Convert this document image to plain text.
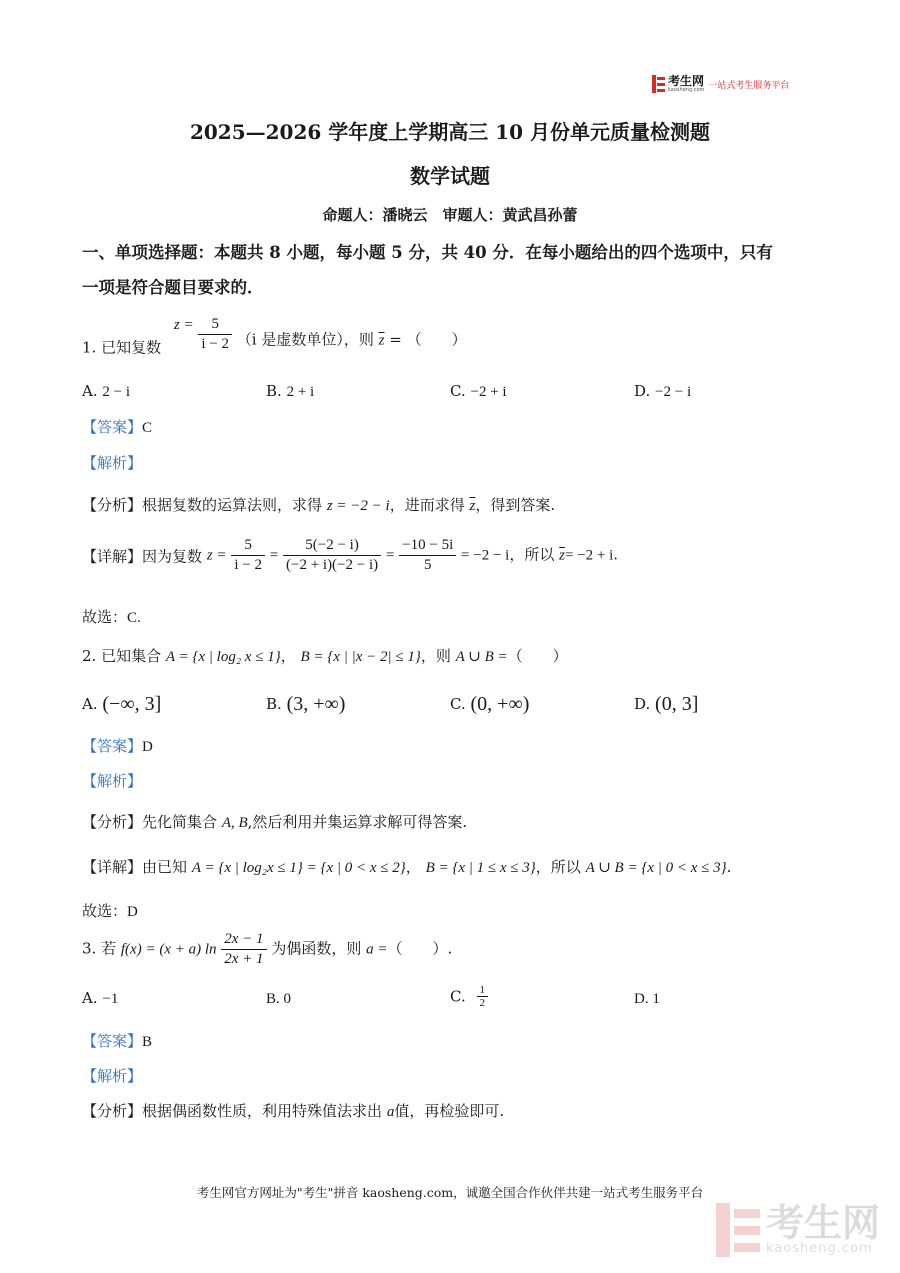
考生网
kaosheng.com 一站式考生服务平台
2025—2026 学年度上学期高三 10 月份单元质量检测题
数学试题
命题人：潘晓云　审题人：黄武昌孙蕾
一、单项选择题：本题共 8 小题，每小题 5 分，共 40 分．在每小题给出的四个选项中，只有
一项是符合题目要求的．
1. 已知复数 $z = \frac{5}{i - 2} (i$ 是虚数单位），则 $\overline{z}$ = （　　）
A. 2 − i	B. 2 + i	C. −2 + i	D. −2 − i
【答案】C
【解析】
【分析】根据复数的运算法则，求得 z = −2 − i，进而求得 $\overline{z}$，得到答案.
【详解】因为复数 $z = \frac{5}{i - 2} = \frac{5(-2 - i)}{(-2 + i)(-2 - i)} = \frac{-10 - 5i}{5} = -2 - i$，所以 $\overline{z}= -2 + i$.
故选：C.
2. 已知集合 A = {x | log₂ x ≤ 1}， B = {x | |x − 2| ≤ 1}，则 A ∪ B =（　　）
A. (−∞, 3]	B. (3, +∞)	C. (0, +∞)	D. (0, 3]
【答案】D
【解析】
【分析】先化简集合 A, B,然后利用并集运算求解可得答案.
【详解】由已知 A = {x | log₂x ≤ 1} = {x | 0 < x ≤ 2}， B = {x | 1 ≤ x ≤ 3}，所以 A ∪ B = {x | 0 < x ≤ 3}.
故选：D
3. 若 f(x) = (x + a) $\ln \frac{2x - 1}{2x + 1}$ 为偶函数，则 a =（　　）.
A. −1	B. 0	C. $\frac{1}{2}$	D. 1
【答案】B
【解析】
【分析】根据偶函数性质，利用特殊值法求出 a值，再检验即可.
考生网官方网址为"考生"拼音 kaosheng.com，诚邀全国合作伙伴共建一站式考生服务平台
考生网
kaosheng.com
